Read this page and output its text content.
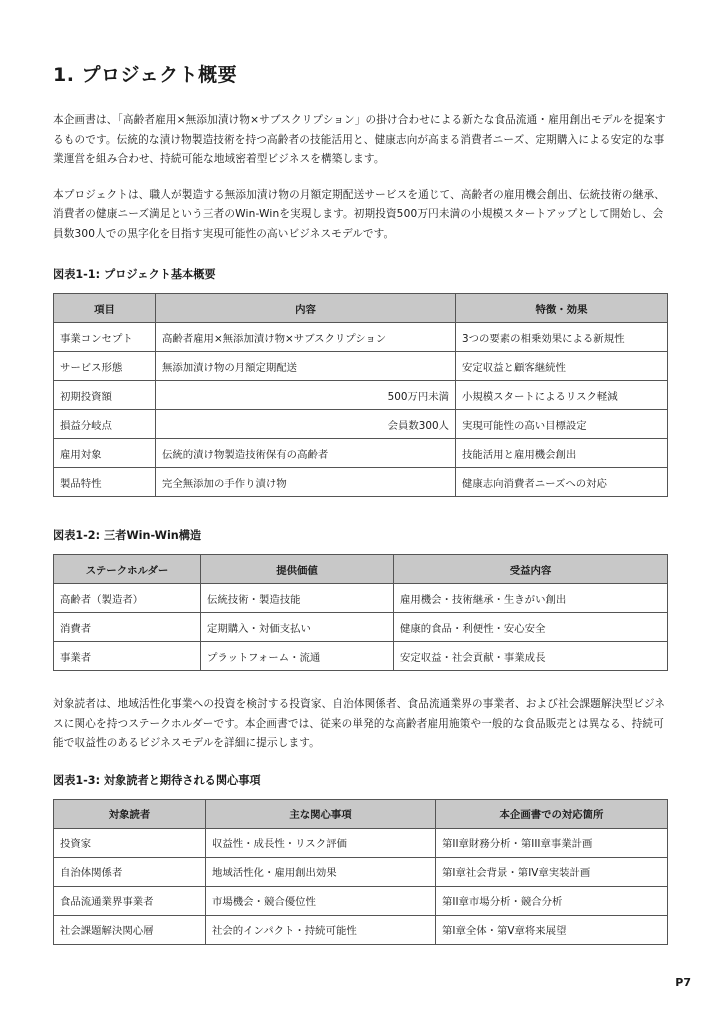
1. プロジェクト概要

本企画書は、「高齢者雇用×無添加漬け物×サブスクリプション」の掛け合わせによる新たな食品流通・雇用創出モデルを提案するものです。伝統的な漬け物製造技術を持つ高齢者の技能活用と、健康志向が高まる消費者ニーズ、定期購入による安定的な事業運営を組み合わせ、持続可能な地域密着型ビジネスを構築します。

本プロジェクトは、職人が製造する無添加漬け物の月額定期配送サービスを通じて、高齢者の雇用機会創出、伝統技術の継承、消費者の健康ニーズ満足という三者のWin-Winを実現します。初期投資500万円未満の小規模スタートアップとして開始し、会員数300人での黒字化を目指す実現可能性の高いビジネスモデルです。

図表1-1: プロジェクト基本概要
項目	内容	特徴・効果
事業コンセプト	高齢者雇用×無添加漬け物×サブスクリプション	3つの要素の相乗効果による新規性
サービス形態	無添加漬け物の月額定期配送	安定収益と顧客継続性
初期投資額	500万円未満	小規模スタートによるリスク軽減
損益分岐点	会員数300人	実現可能性の高い目標設定
雇用対象	伝統的漬け物製造技術保有の高齢者	技能活用と雇用機会創出
製品特性	完全無添加の手作り漬け物	健康志向消費者ニーズへの対応
図表1-2: 三者Win-Win構造
ステークホルダー	提供価値	受益内容
高齢者（製造者）	伝統技術・製造技能	雇用機会・技術継承・生きがい創出
消費者	定期購入・対価支払い	健康的食品・利便性・安心安全
事業者	プラットフォーム・流通	安定収益・社会貢献・事業成長

対象読者は、地域活性化事業への投資を検討する投資家、自治体関係者、食品流通業界の事業者、および社会課題解決型ビジネスに関心を持つステークホルダーです。本企画書では、従来の単発的な高齢者雇用施策や一般的な食品販売とは異なる、持続可能で収益性のあるビジネスモデルを詳細に提示します。

図表1-3: 対象読者と期待される関心事項
対象読者	主な関心事項	本企画書での対応箇所
投資家	収益性・成長性・リスク評価	第II章財務分析・第III章事業計画
自治体関係者	地域活性化・雇用創出効果	第I章社会背景・第IV章実装計画
食品流通業界事業者	市場機会・競合優位性	第II章市場分析・競合分析
社会課題解決関心層	社会的インパクト・持続可能性	第I章全体・第V章将来展望
P7
